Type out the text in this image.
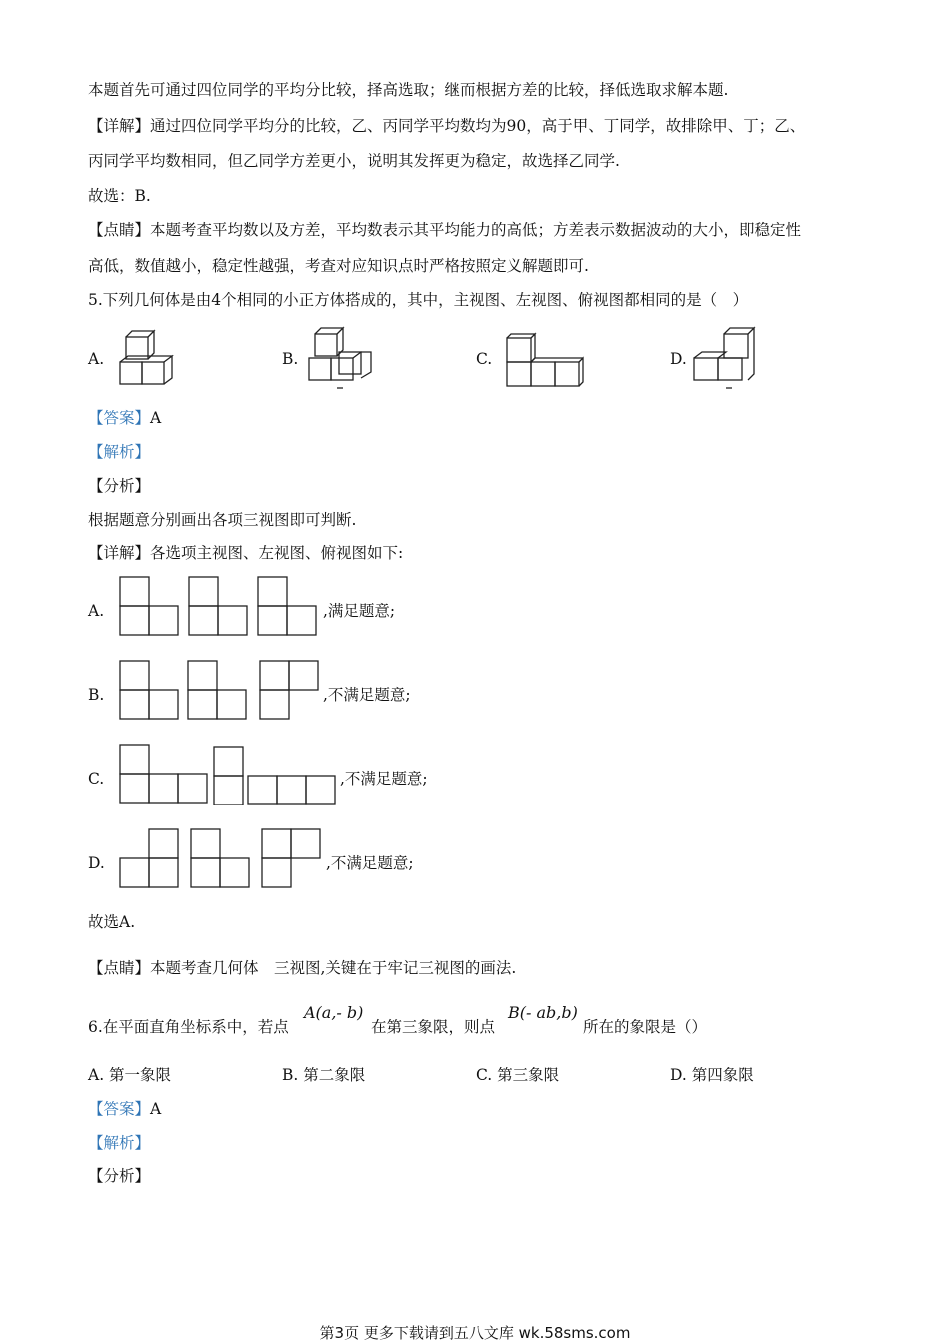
本题首先可通过四位同学的平均分比较，择高选取；继而根据方差的比较，择低选取求解本题.
【详解】通过四位同学平均分的比较，乙、丙同学平均数均为90，高于甲、丁同学，故排除甲、丁；乙、
丙同学平均数相同，但乙同学方差更小，说明其发挥更为稳定，故选择乙同学.
故选：B.
【点睛】本题考查平均数以及方差，平均数表示其平均能力的高低；方差表示数据波动的大小，即稳定性
高低，数值越小，稳定性越强，考查对应知识点时严格按照定义解题即可.
5.下列几何体是由4个相同的小正方体搭成的，其中，主视图、左视图、俯视图都相同的是（　）
A.	B.	C.	D.
【答案】A
【解析】
【分析】
根据题意分别画出各项三视图即可判断.
【详解】各选项主视图、左视图、俯视图如下:
A.	,满足题意;
B.	,不满足题意;
C.	,不满足题意;
D.	,不满足题意;
故选A.
【点睛】本题考查几何体　三视图,关键在于牢记三视图的画法.
6.在平面直角坐标系中，若点
A(a,- b)
在第三象限，则点
B(- ab,b)
所在的象限是（）
A. 第一象限	B. 第二象限	C. 第三象限	D. 第四象限
【答案】A
【解析】
【分析】
第3页 更多下载请到五八文库 wk.58sms.com
